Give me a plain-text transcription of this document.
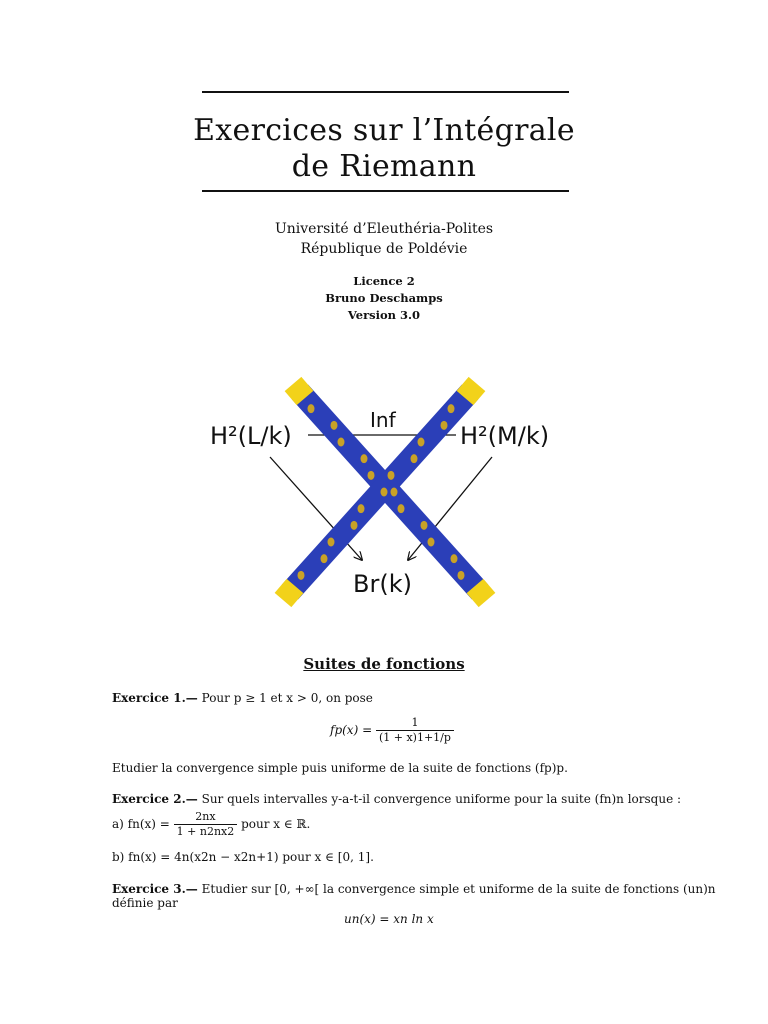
Exercices sur l’Intégrale
de Riemann
Université d’Eleuthéria-Polites
République de Poldévie
Licence 2
Bruno Deschamps
Version 3.0
H²(L/k)	H²(M/k)
Inf
Br(k)
Suites de fonctions
Exercice 1.— Pour p ≥ 1 et x > 0, on pose
$fp(x) = \frac{1}{(1 + x)1+1/p}$
Etudier la convergence simple puis uniforme de la suite de fonctions (fp)p.
Exercice 2.— Sur quels intervalles y-a-t-il convergence uniforme pour la suite (fn)n lorsque :
a) $fn(x) = \frac{2nx}{1 + n2nx2}$ pour x ∈ ℝ.
b) fn(x) = 4n(x2n − x2n+1) pour x ∈ [0, 1].
Exercice 3.— Etudier sur [0, +∞[ la convergence simple et uniforme de la suite de fonctions (un)n
définie par
un(x) = xn ln x
